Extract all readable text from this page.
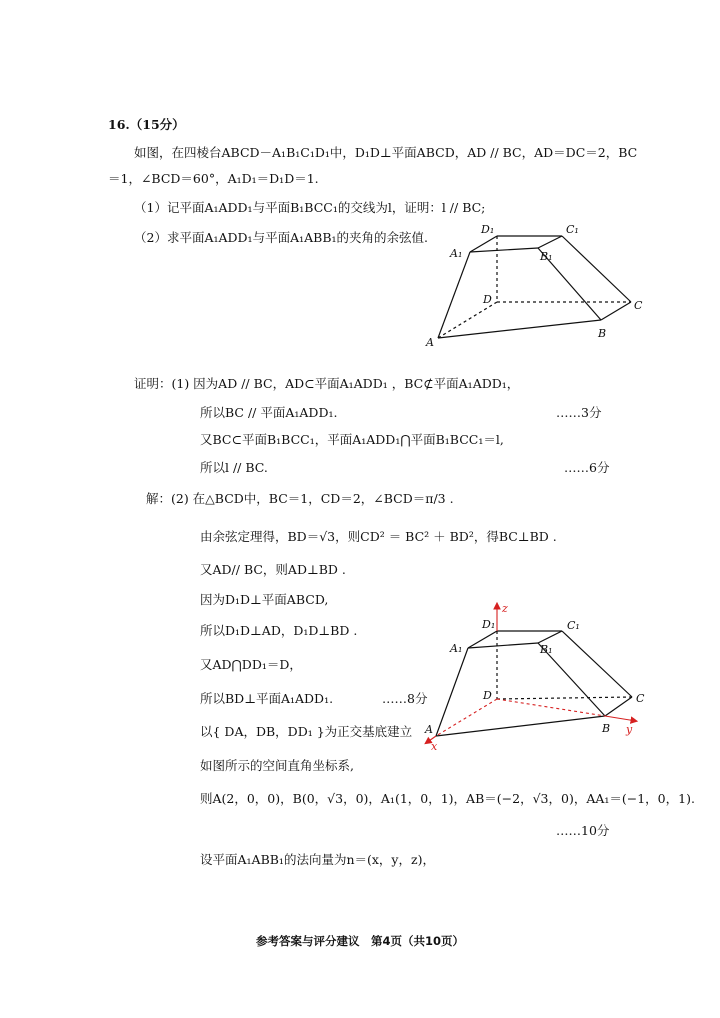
16.（15分）
如图，在四棱台ABCD－A₁B₁C₁D₁中，D₁D⊥平面ABCD，AD // BC，AD＝DC＝2，BC
＝1，∠BCD＝60°，A₁D₁＝D₁D＝1.
（1）记平面A₁ADD₁与平面B₁BCC₁的交线为l，证明：l // BC;
（2）求平面A₁ADD₁与平面A₁ABB₁的夹角的余弦值.
D₁	C₁
A₁	B₁
D	C
A
B
证明：(1) 因为AD // BC，AD⊂平面A₁ADD₁ ，BC⊄平面A₁ADD₁，
所以BC // 平面A₁ADD₁.	……3分
又BC⊂平面B₁BCC₁，平面A₁ADD₁⋂平面B₁BCC₁＝l,
所以l // BC.	……6分
解：(2) 在△BCD中，BC＝1，CD＝2，∠BCD＝π/3 .
由余弦定理得，BD＝√3，则CD² ＝ BC² ＋ BD²，得BC⊥BD .
又AD// BC，则AD⊥BD .
因为D₁D⊥平面ABCD,
所以D₁D⊥AD，D₁D⊥BD .
又AD⋂DD₁＝D，
所以BD⊥平面A₁ADD₁.	……8分
以{ DA，DB，DD₁ }为正交基底建立
如图所示的空间直角坐标系,
则A(2，0，0)，B(0，√3，0)，A₁(1，0，1)，AB＝(−2，√3，0)，AA₁＝(−1，0，1).
……10分
设平面A₁ABB₁的法向量为n＝(x，y，z)，
z
D₁	C₁
A₁	B₁
D	C
A	B
x
y
参考答案与评分建议　第4页（共10页）
